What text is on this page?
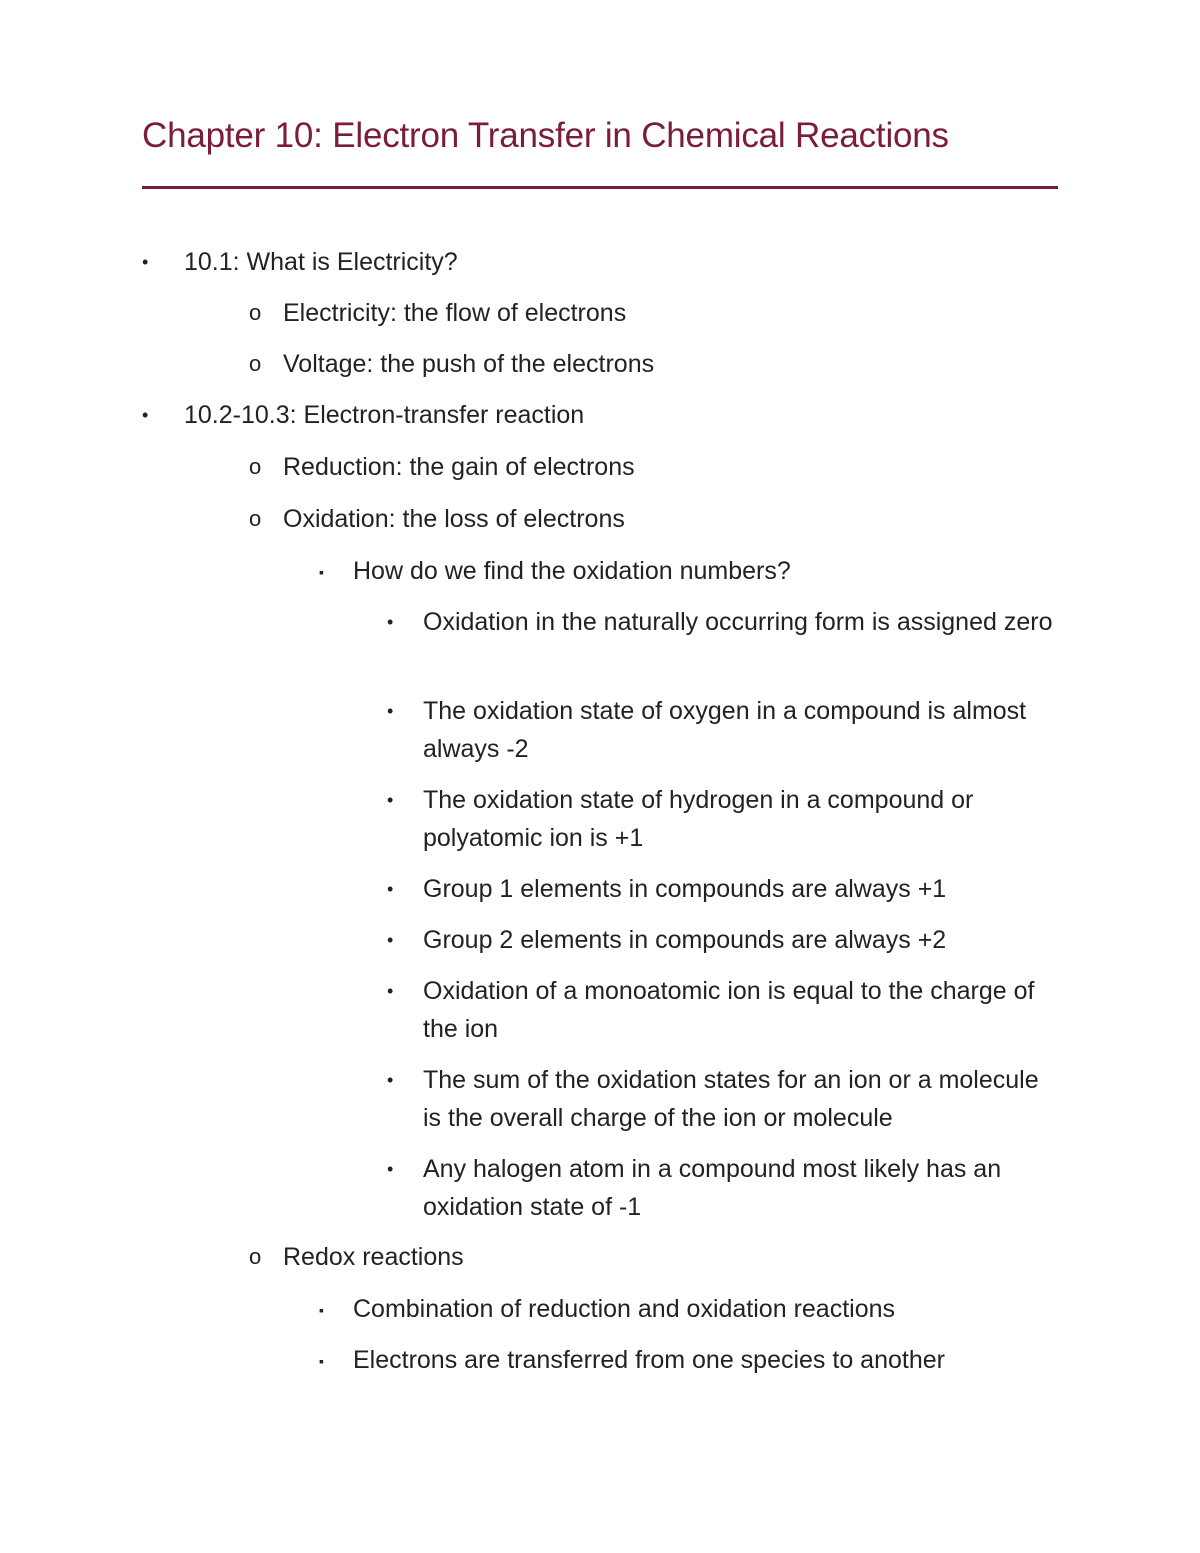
Chapter 10: Electron Transfer in Chemical Reactions
• 10.1: What is Electricity?
o Electricity: the flow of electrons
o Voltage: the push of the electrons
• 10.2-10.3: Electron-transfer reaction
o Reduction: the gain of electrons
o Oxidation: the loss of electrons
▪ How do we find the oxidation numbers?
• Oxidation in the naturally occurring form is assigned zero
• The oxidation state of oxygen in a compound is almost always -2
• The oxidation state of hydrogen in a compound or polyatomic ion is +1
• Group 1 elements in compounds are always +1
• Group 2 elements in compounds are always +2
• Oxidation of a monoatomic ion is equal to the charge of the ion
• The sum of the oxidation states for an ion or a molecule is the overall charge of the ion or molecule
• Any halogen atom in a compound most likely has an oxidation state of -1
o Redox reactions
▪ Combination of reduction and oxidation reactions
▪ Electrons are transferred from one species to another
